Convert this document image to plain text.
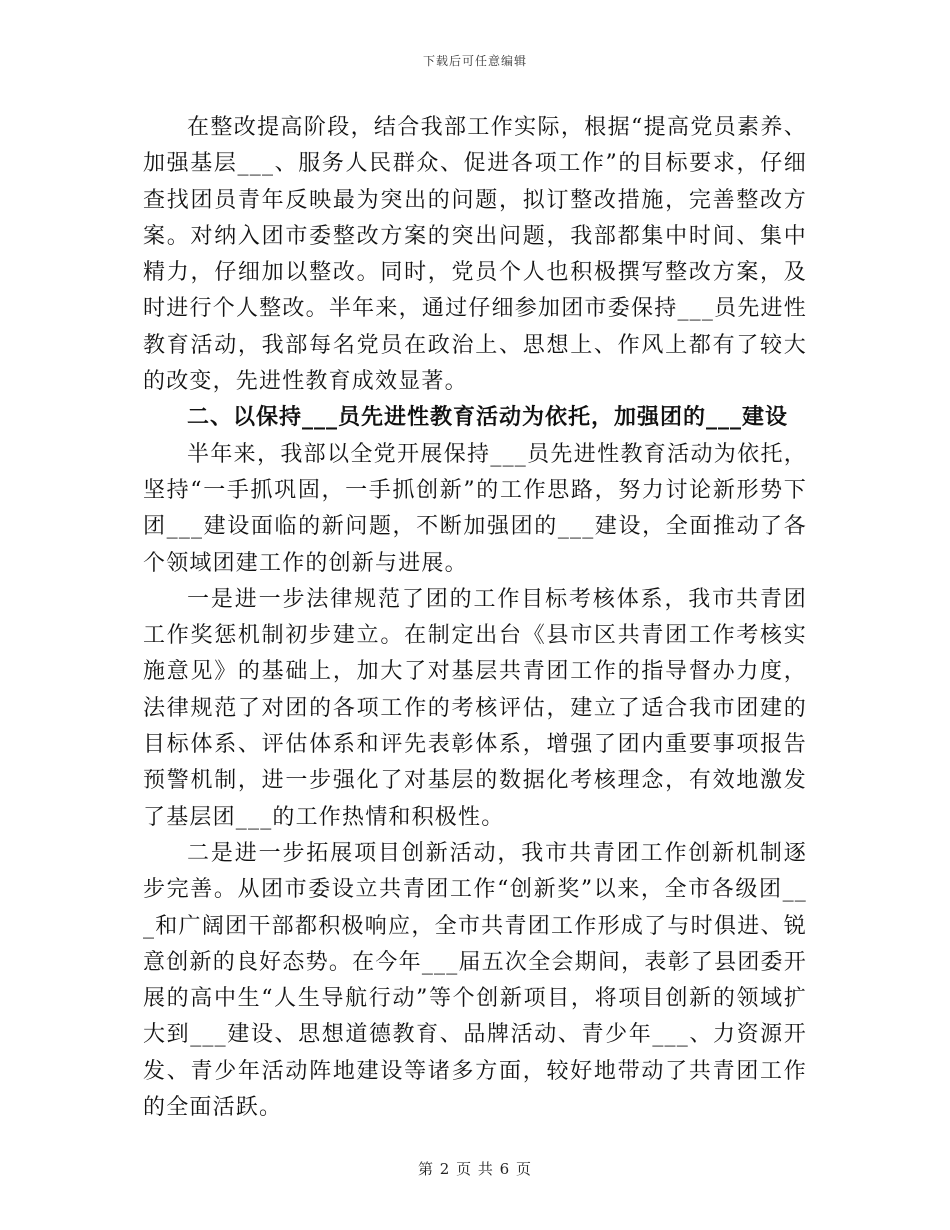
下载后可任意编辑

在整改提高阶段，结合我部工作实际，根据“提高党员素养、加强基层___、服务人民群众、促进各项工作”的目标要求，仔细查找团员青年反映最为突出的问题，拟订整改措施，完善整改方案。对纳入团市委整改方案的突出问题，我部都集中时间、集中精力，仔细加以整改。同时，党员个人也积极撰写整改方案，及时进行个人整改。半年来，通过仔细参加团市委保持___员先进性教育活动，我部每名党员在政治上、思想上、作风上都有了较大的改变，先进性教育成效显著。

二、以保持___员先进性教育活动为依托，加强团的___建设

半年来，我部以全党开展保持___员先进性教育活动为依托，坚持“一手抓巩固，一手抓创新”的工作思路，努力讨论新形势下团___建设面临的新问题，不断加强团的___建设，全面推动了各个领域团建工作的创新与进展。

一是进一步法律规范了团的工作目标考核体系，我市共青团工作奖惩机制初步建立。在制定出台《县市区共青团工作考核实施意见》的基础上，加大了对基层共青团工作的指导督办力度，法律规范了对团的各项工作的考核评估，建立了适合我市团建的目标体系、评估体系和评先表彰体系，增强了团内重要事项报告预警机制，进一步强化了对基层的数据化考核理念，有效地激发了基层团___的工作热情和积极性。

二是进一步拓展项目创新活动，我市共青团工作创新机制逐步完善。从团市委设立共青团工作“创新奖”以来，全市各级团___和广阔团干部都积极响应，全市共青团工作形成了与时俱进、锐意创新的良好态势。在今年___届五次全会期间，表彰了县团委开展的高中生“人生导航行动”等个创新项目，将项目创新的领域扩大到___建设、思想道德教育、品牌活动、青少年___、力资源开发、青少年活动阵地建设等诸多方面，较好地带动了共青团工作的全面活跃。

第 2 页 共 6 页
